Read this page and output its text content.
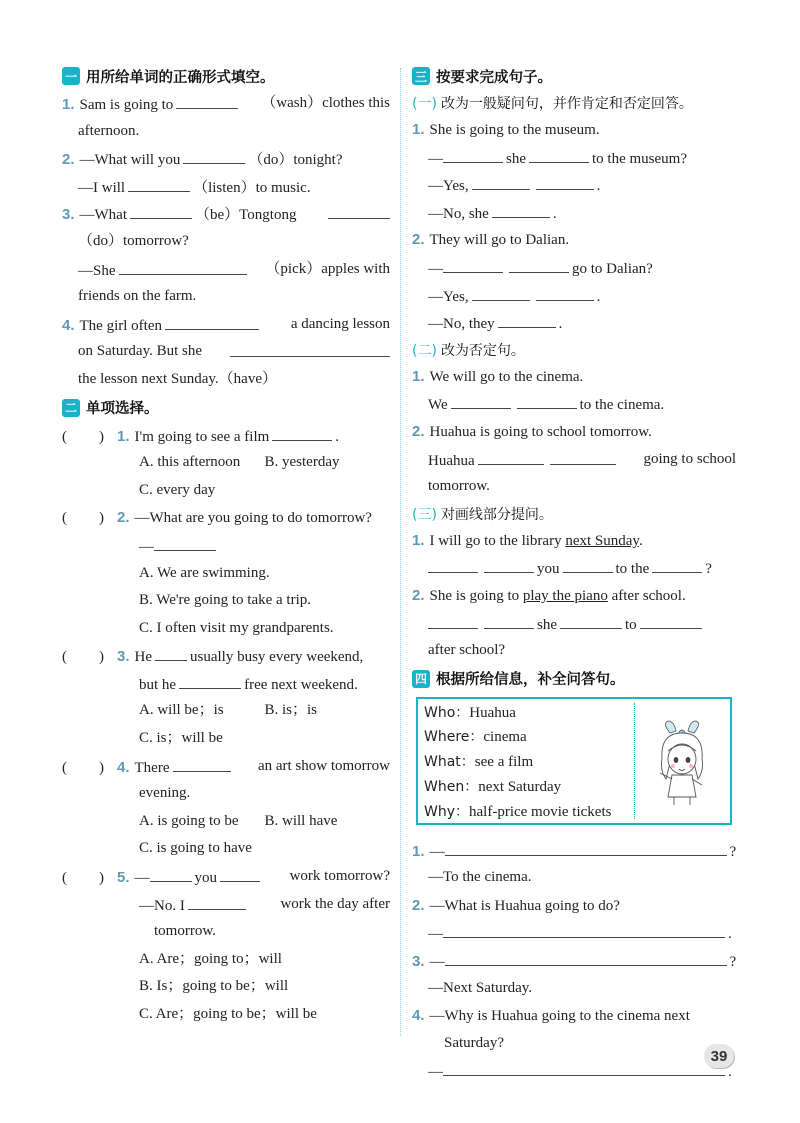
一 用所给单词的正确形式填空。
1. Sam is going to	（wash）clothes this
afternoon.
2. —What will you	（do）tonight?
—I will	（listen）to music.
3. —What	（be）Tongtong
（do）tomorrow?
—She	（pick）apples with
friends on the farm.
4. The girl often	a dancing lesson
on Saturday. But she
the lesson next Sunday.（have）
二 单项选择。
( ) 1. I'm going to see a film	.
A. this afternoon	B. yesterday
C. every day
( ) 2. —What are you going to do tomorrow?
—
A. We are swimming.
B. We're going to take a trip.
C. I often visit my grandparents.
( ) 3. He	usually busy every weekend,
but he	free next weekend.
A. will be；is	B. is；is
C. is；will be
( ) 4. There	an art show tomorrow
evening.
A. is going to be	B. will have
C. is going to have
( ) 5. —	you	work tomorrow?
—No. I	work the day after
tomorrow.
A. Are；going to；will
B. Is；going to be；will
C. Are；going to be；will be
三 按要求完成句子。
(一) 改为一般疑问句，并作肯定和否定回答。
1. She is going to the museum.
—	she	to the museum?
—Yes,	.
—No, she	.
2. They will go to Dalian.
—	go to Dalian?
—Yes,	.
—No, they	.
(二) 改为否定句。
1. We will go to the cinema.
We	to the cinema.
2. Huahua is going to school tomorrow.
Huahua	going to school
tomorrow.
(三) 对画线部分提问。
1. I will go to the library next Sunday.
you	to the	?
2. She is going to play the piano after school.
she	to
after school?
四 根据所给信息，补全问答句。
Who：Huahua
Where：cinema
What：see a film
When：next Saturday
Why：half-price movie tickets
1. —	?
—To the cinema.
2. —What is Huahua going to do?
—	.
3. —	?
—Next Saturday.
4. —Why is Huahua going to the cinema next
Saturday?
—	.
39
